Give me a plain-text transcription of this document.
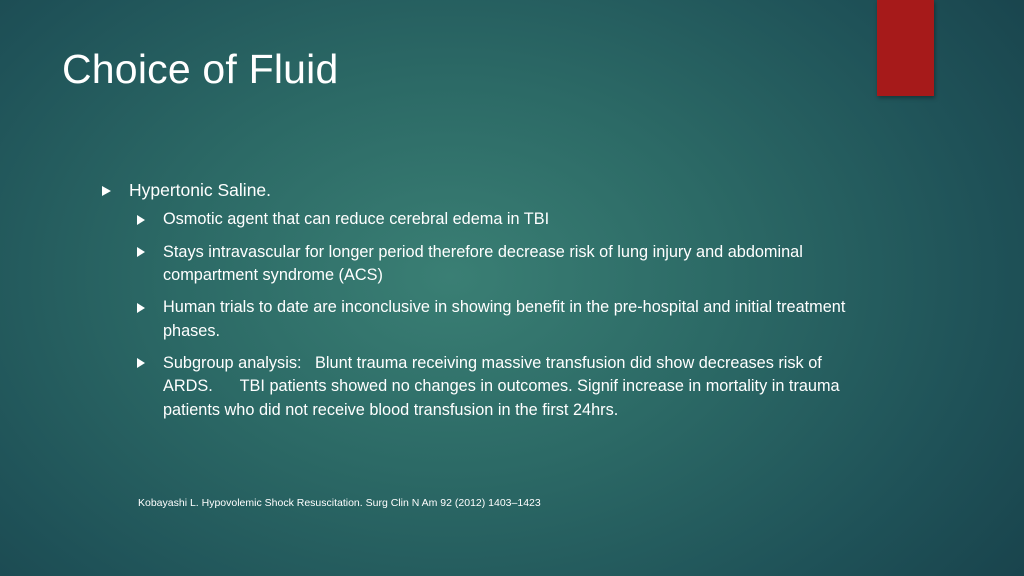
Choice of Fluid
Hypertonic Saline.
Osmotic agent that can reduce cerebral edema in TBI
Stays intravascular for longer period therefore decrease risk of lung injury and abdominal compartment syndrome (ACS)
Human trials to date are inconclusive in showing benefit in the pre-hospital and initial treatment phases.
Subgroup analysis:   Blunt trauma receiving massive transfusion did show decreases risk of ARDS.      TBI patients showed no changes in outcomes. Signif increase in mortality in trauma patients who did not receive blood transfusion in the first 24hrs.
Kobayashi L. Hypovolemic Shock Resuscitation. Surg Clin N Am 92 (2012) 1403–1423
